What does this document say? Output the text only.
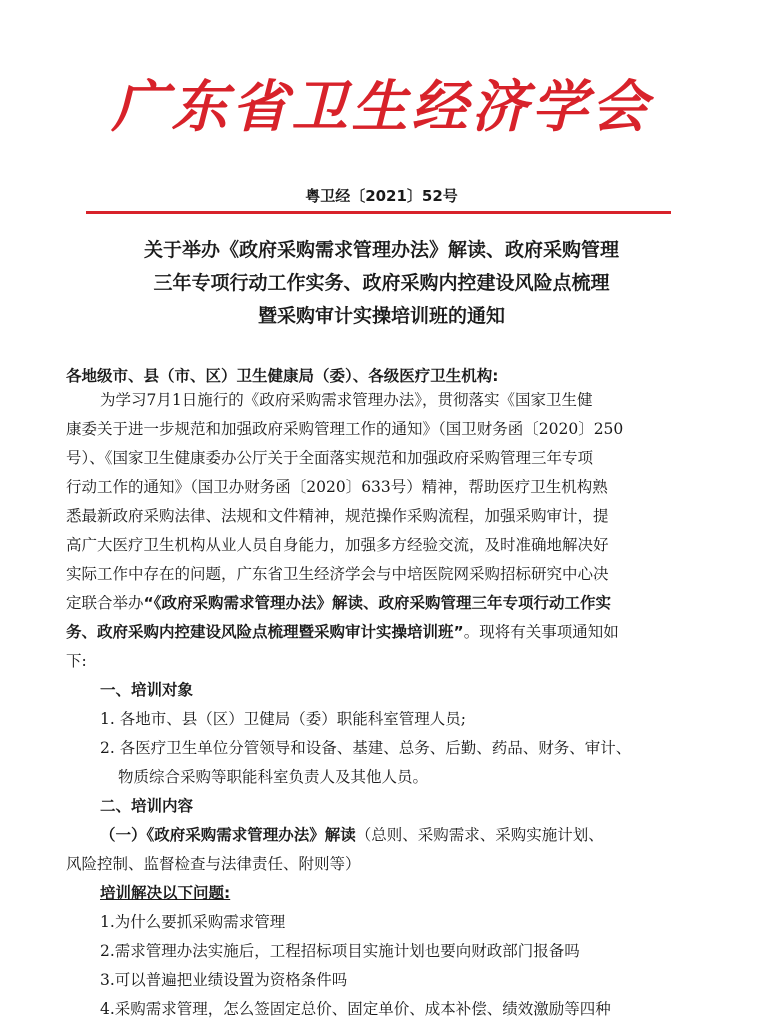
广东省卫生经济学会
粤卫经〔2021〕52号
关于举办《政府采购需求管理办法》解读、政府采购管理
三年专项行动工作实务、政府采购内控建设风险点梳理
暨采购审计实操培训班的通知
各地级市、县（市、区）卫生健康局（委）、各级医疗卫生机构:
为学习7月1日施行的《政府采购需求管理办法》，贯彻落实《国家卫生健
康委关于进一步规范和加强政府采购管理工作的通知》（国卫财务函〔2020〕250
号）、《国家卫生健康委办公厅关于全面落实规范和加强政府采购管理三年专项
行动工作的通知》（国卫办财务函〔2020〕633号）精神，帮助医疗卫生机构熟
悉最新政府采购法律、法规和文件精神，规范操作采购流程，加强采购审计，提
高广大医疗卫生机构从业人员自身能力，加强多方经验交流，及时准确地解决好
实际工作中存在的问题，广东省卫生经济学会与中培医院网采购招标研究中心决
定联合举办“《政府采购需求管理办法》解读、政府采购管理三年专项行动工作实
务、政府采购内控建设风险点梳理暨采购审计实操培训班”。现将有关事项通知如
下:
一、培训对象
1. 各地市、县（区）卫健局（委）职能科室管理人员;
2. 各医疗卫生单位分管领导和设备、基建、总务、后勤、药品、财务、审计、
物质综合采购等职能科室负责人及其他人员。
二、培训内容
（一）《政府采购需求管理办法》解读（总则、采购需求、采购实施计划、
风险控制、监督检查与法律责任、附则等）
培训解决以下问题:
1.为什么要抓采购需求管理
2.需求管理办法实施后，工程招标项目实施计划也要向财政部门报备吗
3.可以普遍把业绩设置为资格条件吗
4.采购需求管理，怎么签固定总价、固定单价、成本补偿、绩效激励等四种
